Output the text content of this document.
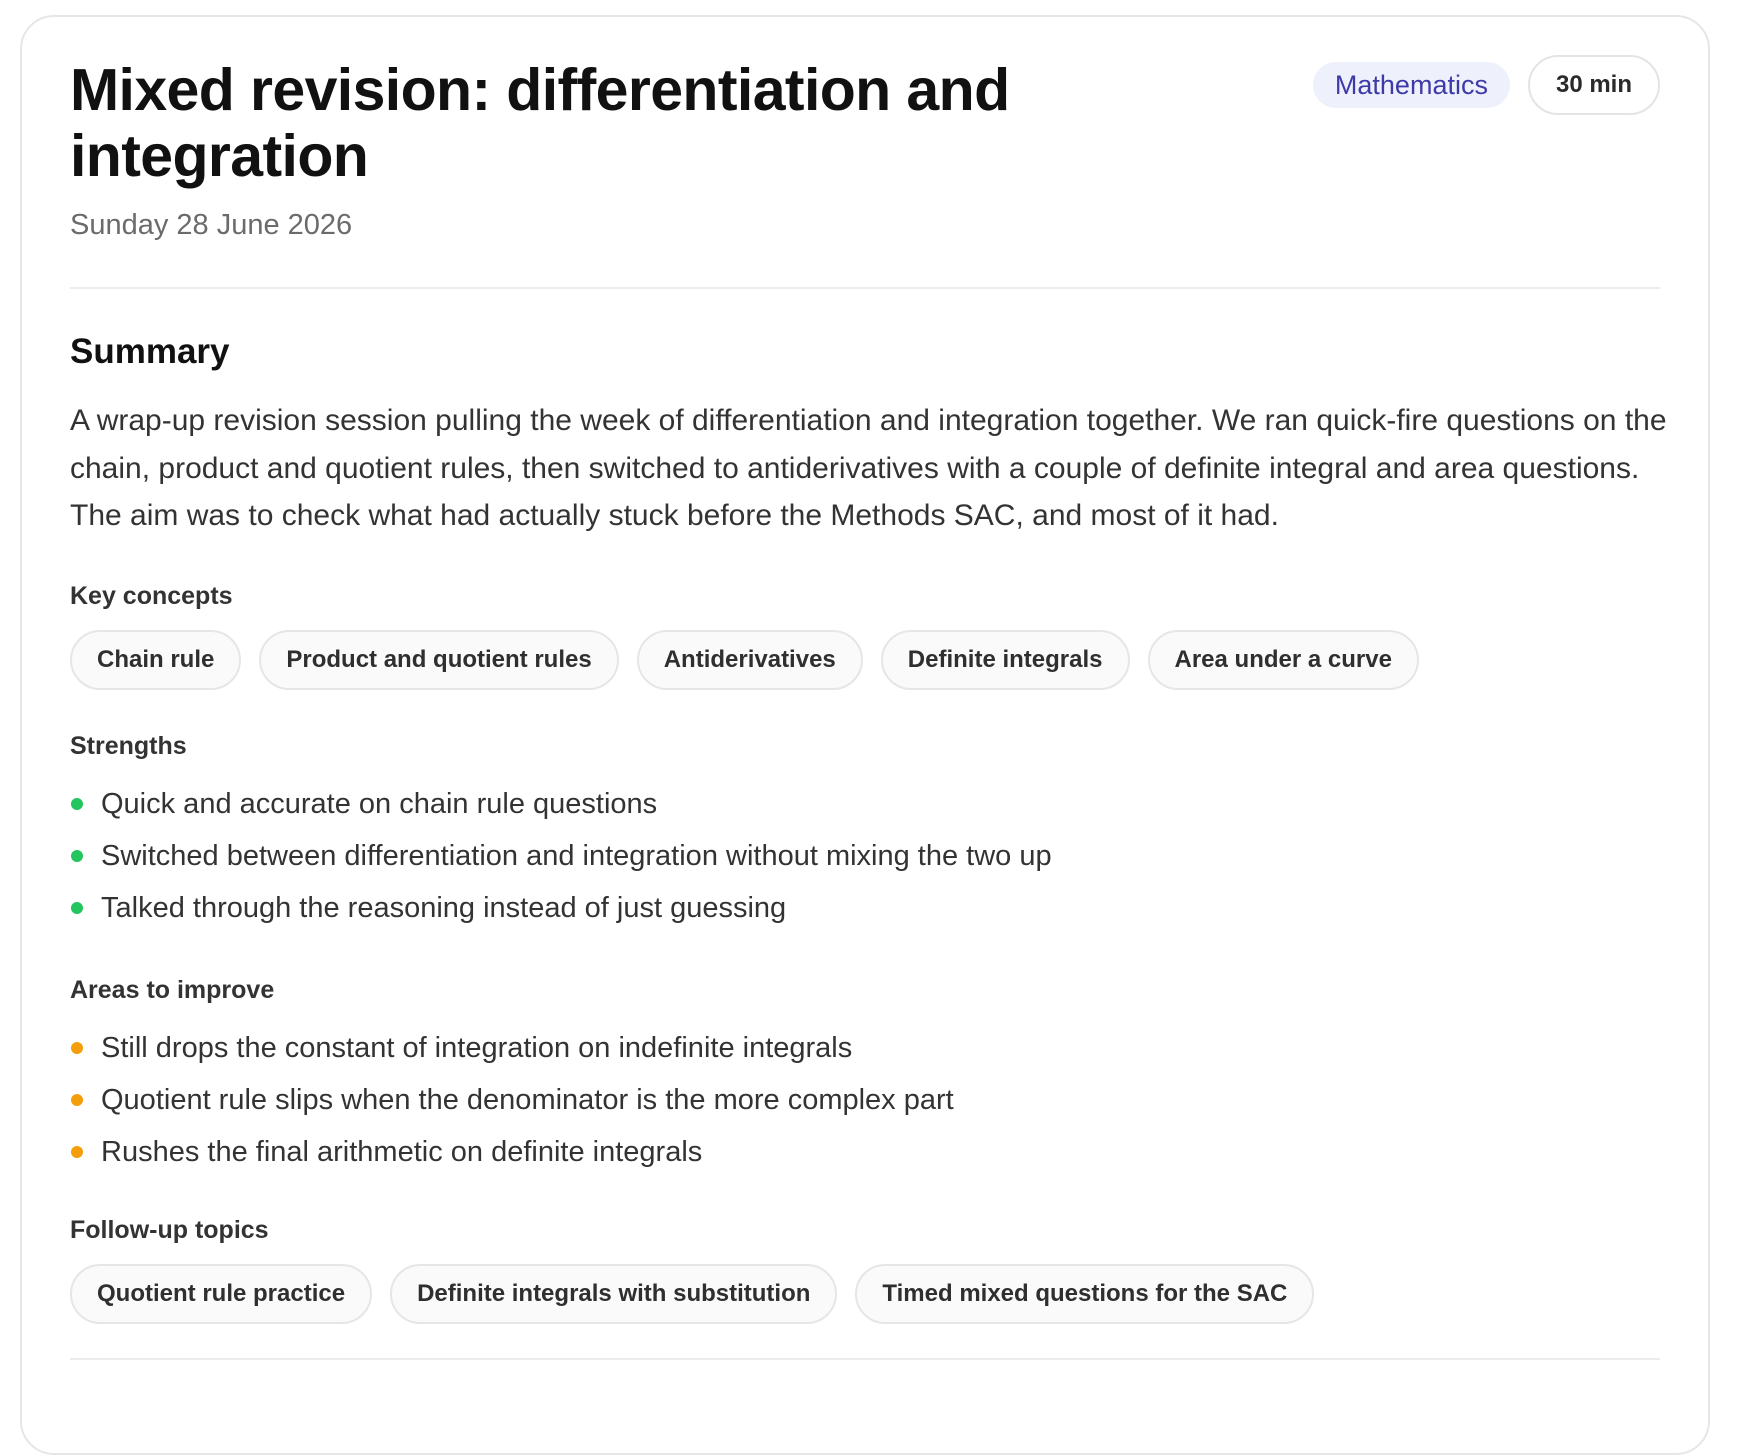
Mixed revision: differentiation and integration
Sunday 28 June 2026
Mathematics	30 min
Summary

A wrap-up revision session pulling the week of differentiation and integration together. We ran quick-fire questions on the chain, product and quotient rules, then switched to antiderivatives with a couple of definite integral and area questions. The aim was to check what had actually stuck before the Methods SAC, and most of it had.

Key concepts
Chain rule	Product and quotient rules	Antiderivatives	Definite integrals	Area under a curve
Strengths
Quick and accurate on chain rule questions
Switched between differentiation and integration without mixing the two up
Talked through the reasoning instead of just guessing
Areas to improve
Still drops the constant of integration on indefinite integrals
Quotient rule slips when the denominator is the more complex part
Rushes the final arithmetic on definite integrals
Follow-up topics
Quotient rule practice	Definite integrals with substitution	Timed mixed questions for the SAC
